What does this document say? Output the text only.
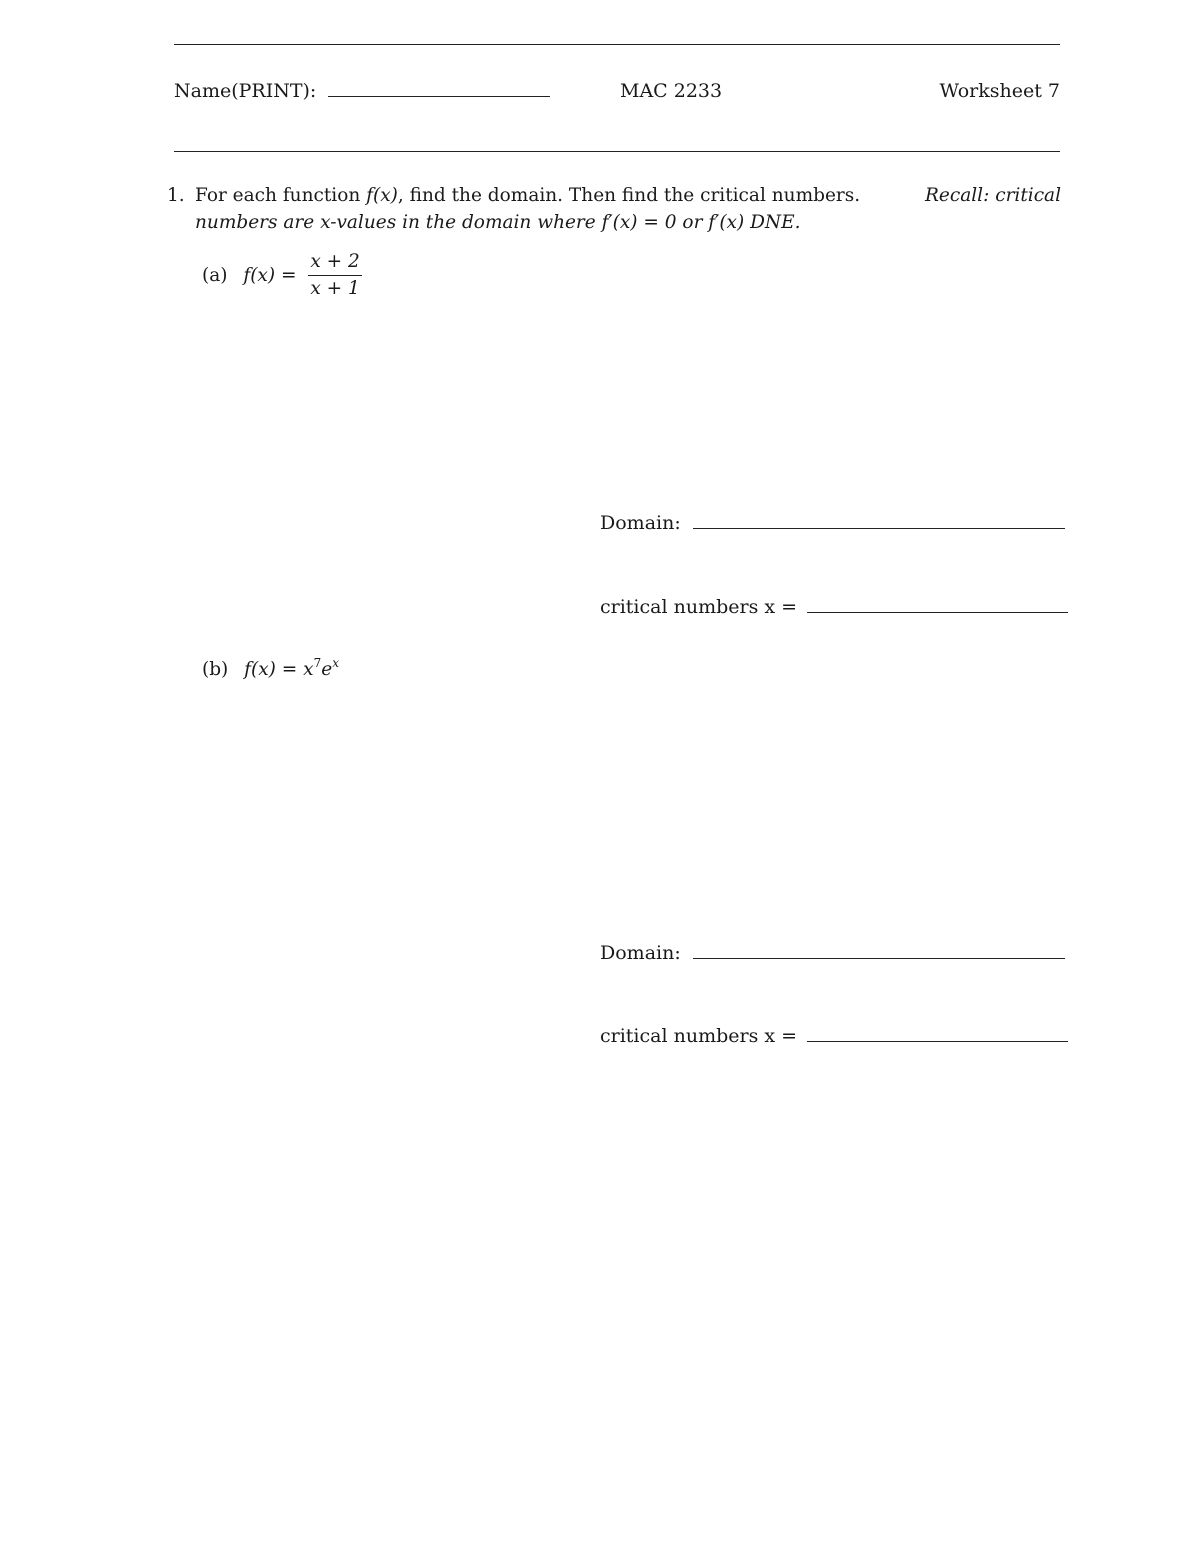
Name(PRINT):	MAC 2233	Worksheet 7
1. For each function f(x), find the domain. Then find the critical numbers.	Recall: critical
numbers are x-values in the domain where f′(x) = 0 or f′(x) DNE.
(a) $f(x) = \frac{x + 2}{x + 1}$
Domain:
critical numbers x =
(b) $f(x) = x^7e^x$
Domain:
critical numbers x =
